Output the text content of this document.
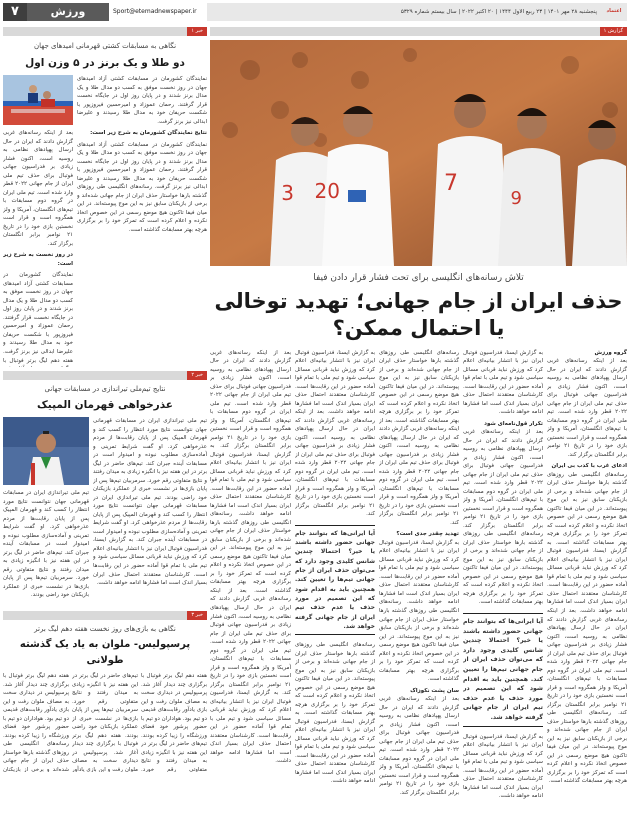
۷	ورزش	Sport@etemadnewspaper.ir	پنجشنبه ۲۸ مهر ۱۴۰۱ | ۲۳ ربیع الاول ۱۴۴۴ | ۲۰ اکتبر ۲۰۲۲ | سال بیستم شماره ۵۳۲۹	اعتماد
خبر ۱
نگاهی به مسابقات کشتی قهرمانی امیدهای جهان
دو طلا و یک برنز در ۵ وزن اول
نمایندگان کشورمان در مسابقات کشتی آزاد امیدهای جهان در روز نخست موفق به کسب دو مدال طلا و یک مدال برنز شدند و در پایان روز اول در جایگاه نخست قرار گرفتند. رحمان عموزاد و امیرحسین فیروزپور با شکست حریفان خود به مدال طلا رسیدند و علیرضا ابدالی نیز برنز گرفت.
نتایج نمایند‌گان کشورمان به شرح زیر است:
نمایندگان کشورمان در مسابقات کشتی آزاد امیدهای جهان در روز نخست موفق به کسب دو مدال طلا و یک مدال برنز شدند و در پایان روز اول در جایگاه نخست قرار گرفتند. رحمان عموزاد و امیرحسین فیروزپور با شکست حریفان خود به مدال طلا رسیدند و علیرضا ابدالی نیز برنز گرفت. رسانه‌های انگلیسی طی روزهای گذشته بارها خواستار حذف ایران از جام جهانی شده‌اند و برخی از بازیکنان سابق نیز به این موج پیوسته‌اند. در این میان فیفا تاکنون هیچ موضع رسمی در این خصوص اتخاذ نکرده و اعلام کرده است که تمرکز خود را بر برگزاری هرچه بهتر مسابقات گذاشته است.
بعد از اینکه رسانه‌های غربی گزارش دادند که ایران در حال ارسال پهپادهای نظامی به روسیه است، اکنون فشار زیادی بر فدراسیون جهانی فوتبال برای حذف تیم ملی ایران از جام جهانی ۲۰۲۲ قطر وارد شده است. تیم ملی ایران در گروه دوم مسابقات با تیم‌های انگلستان، آمریکا و ولز همگروه است و قرار است نخستین بازی خود را در تاریخ ۲۱ نوامبر برابر انگلستان برگزار کند.
در روز نخست به شرح زیر است:
نمایندگان کشورمان در مسابقات کشتی آزاد امیدهای جهان در روز نخست موفق به کسب دو مدال طلا و یک مدال برنز شدند و در پایان روز اول در جایگاه نخست قرار گرفتند. رحمان عموزاد و امیرحسین فیروزپور با شکست حریفان خود به مدال طلا رسیدند و علیرضا ابدالی نیز برنز گرفت. هفته دهم لیگ برتر فوتبال با
خبر ۲
نتایج تیم‌ملی تیراندازی در مسابقات جهانی
عذرخواهی قهرمان المپیک
تیم ملی تیراندازی ایران در مسابقات قهرمانی جهان نتوانست نتایج مورد انتظار را کسب کند و قهرمان المپیک پس از پایان رقابت‌ها از مردم عذرخواهی کرد. او گفت شرایط تمرینی و آماده‌سازی مطلوب نبوده و امیدوار است در مسابقات آینده جبران کند. تیم‌های حاضر در لیگ برتر در این هفته نیز با انگیزه زیادی به میدان رفتند و نتایج متفاوتی رقم خورد. سرمربیان تیم‌ها پس از پایان بازی‌ها در نشست خبری از عملکرد بازیکنان خود راضی بودند. تیم ملی تیراندازی ایران در مسابقات قهرمانی جهان نتوانست نتایج مورد انتظار را کسب کند و قهرمان المپیک پس از پایان رقابت‌ها از مردم عذرخواهی کرد. او گفت شرایط تمرینی و آماده‌سازی مطلوب نبوده و امیدوار است در مسابقات آینده جبران کند. به گزارش ایسنا، فدراسیون فوتبال ایران نیز با انتشار بیانیه‌ای اعلام کرد که ورزش نباید قربانی مسائل سیاسی شود و تیم ملی با تمام قوا آماده حضور در این رقابت‌ها است. کارشناسان معتقدند احتمال حذف ایران بسیار اندک است اما فشارها ادامه خواهد داشت.
تیم ملی تیراندازی ایران در مسابقات قهرمانی جهان نتوانست نتایج مورد انتظار را کسب کند و قهرمان المپیک پس از پایان رقابت‌ها از مردم عذرخواهی کرد. او گفت شرایط تمرینی و آماده‌سازی مطلوب نبوده و امیدوار است در مسابقات آینده جبران کند. تیم‌های حاضر در لیگ برتر در این هفته نیز با انگیزه زیادی به میدان رفتند و نتایج متفاوتی رقم خورد. سرمربیان تیم‌ها پس از پایان بازی‌ها در نشست خبری از عملکرد بازیکنان خود راضی بودند.
خبر ۳
نگاهی به بازی‌های روز نخست هفته دهم لیگ برتر
پرسپولیس- ملوان به یاد یک گذشته طولانی
هفته دهم لیگ برتر فوتبال با برگزاری چند دیدار آغاز شد. پرسپولیس در دیداری سخت به مصاف ملوان رفت و این بازی یادآور رقابت‌های قدیمی دو تیم بود. هواداران دو تیم با حضور پرشور خود فضای ورزشگاه را زیبا کرده بودند. تیم‌های حاضر در لیگ برتر در این هفته نیز با انگیزه زیادی به میدان رفتند و نتایج متفاوتی رقم خورد.
تیم‌های حاضر در لیگ برتر در این هفته نیز با انگیزه زیادی به میدان رفتند و نتایج متفاوتی رقم خورد. سرمربیان تیم‌ها پس از پایان بازی‌ها در نشست خبری از عملکرد بازیکنان خود راضی بودند. هفته دهم لیگ برتر فوتبال با برگزاری چند دیدار آغاز شد. پرسپولیس در دیداری سخت به مصاف ملوان رفت و این بازی یادآور
هفته دهم لیگ برتر فوتبال با برگزاری چند دیدار آغاز شد. پرسپولیس در دیداری سخت به مصاف ملوان رفت و این بازی یادآور رقابت‌های قدیمی دو تیم بود. هواداران دو تیم با حضور پرشور خود فضای ورزشگاه را زیبا کرده بودند. رسانه‌های انگلیسی طی روزهای گذشته بارها خواستار حذف ایران از جام جهانی شده‌اند و برخی از بازیکنان
گزارش ۱
3 20	7
9
تلاش رسانه‌های انگلیسی برای تحت فشار قرار دادن فیفا
حذف ایران از جام جهانی؛ تهدید توخالی یا احتمال ممکن؟
گروه ورزش
بعد از اینکه رسانه‌های غربی گزارش دادند که ایران در حال ارسال پهپادهای نظامی به روسیه است، اکنون فشار زیادی بر فدراسیون جهانی فوتبال برای حذف تیم ملی ایران از جام جهانی ۲۰۲۲ قطر وارد شده است. تیم ملی ایران در گروه دوم مسابقات با تیم‌های انگلستان، آمریکا و ولز همگروه است و قرار است نخستین بازی خود را در تاریخ ۲۱ نوامبر برابر انگلستان برگزار کند.
ادعای غرب با کذب بی ایران
رسانه‌های انگلیسی طی روزهای گذشته بارها خواستار حذف ایران از جام جهانی شده‌اند و برخی از بازیکنان سابق نیز به این موج پیوسته‌اند. در این میان فیفا تاکنون هیچ موضع رسمی در این خصوص اتخاذ نکرده و اعلام کرده است که تمرکز خود را بر برگزاری هرچه بهتر مسابقات گذاشته است. به گزارش ایسنا، فدراسیون فوتبال ایران نیز با انتشار بیانیه‌ای اعلام کرد که ورزش نباید قربانی مسائل سیاسی شود و تیم ملی با تمام قوا آماده حضور در این رقابت‌ها است. کارشناسان معتقدند احتمال حذف ایران بسیار اندک است اما فشارها ادامه خواهد داشت. بعد از اینکه رسانه‌های غربی گزارش دادند که ایران در حال ارسال پهپادهای نظامی به روسیه است، اکنون فشار زیادی بر فدراسیون جهانی فوتبال برای حذف تیم ملی ایران از جام جهانی ۲۰۲۲ قطر وارد شده است. تیم ملی ایران در گروه دوم مسابقات با تیم‌های انگلستان، آمریکا و ولز همگروه است و قرار است نخستین بازی خود را در تاریخ ۲۱ نوامبر برابر انگلستان برگزار کند. رسانه‌های انگلیسی طی روزهای گذشته بارها خواستار حذف ایران از جام جهانی شده‌اند و برخی از بازیکنان سابق نیز به این موج پیوسته‌اند. در این میان فیفا تاکنون هیچ موضع رسمی در این خصوص اتخاذ نکرده و اعلام کرده است که تمرکز خود را بر برگزاری هرچه بهتر مسابقات گذاشته است.
به گزارش ایسنا، فدراسیون فوتبال ایران نیز با انتشار بیانیه‌ای اعلام کرد که ورزش نباید قربانی مسائل سیاسی شود و تیم ملی با تمام قوا آماده حضور در این رقابت‌ها است. کارشناسان معتقدند احتمال حذف ایران بسیار اندک است اما فشارها ادامه خواهد داشت.
تکرار قول‌نامه‌ای شود
بعد از اینکه رسانه‌های غربی گزارش دادند که ایران در حال ارسال پهپادهای نظامی به روسیه است، اکنون فشار زیادی بر فدراسیون جهانی فوتبال برای حذف تیم ملی ایران از جام جهانی ۲۰۲۲ قطر وارد شده است. تیم ملی ایران در گروه دوم مسابقات با تیم‌های انگلستان، آمریکا و ولز همگروه است و قرار است نخستین بازی خود را در تاریخ ۲۱ نوامبر برابر انگلستان برگزار کند. رسانه‌های انگلیسی طی روزهای گذشته بارها خواستار حذف ایران از جام جهانی شده‌اند و برخی از بازیکنان سابق نیز به این موج پیوسته‌اند. در این میان فیفا تاکنون هیچ موضع رسمی در این خصوص اتخاذ نکرده و اعلام کرده است که تمرکز خود را بر برگزاری هرچه بهتر مسابقات گذاشته است.
آیا ایرانی‌ها که بتوانند جام جهانی حضور داشته باشند یا خیر؟ احتمالا چندین شانس کلیدی وجود دارد که می‌توان حذف ایران از جام جهانی تیم‌ها را تعیین کند. همچنین باید به اقدام شود که این تصمیم در مورد حذف یا عدم حذف تیم ایران از جام جهانی گرفته خواهد شد.
به گزارش ایسنا، فدراسیون فوتبال ایران نیز با انتشار بیانیه‌ای اعلام کرد که ورزش نباید قربانی مسائل سیاسی شود و تیم ملی با تمام قوا آماده حضور در این رقابت‌ها است. کارشناسان معتقدند احتمال حذف ایران بسیار اندک است اما فشارها ادامه خواهد داشت.
رسانه‌های انگلیسی طی روزهای گذشته بارها خواستار حذف ایران از جام جهانی شده‌اند و برخی از بازیکنان سابق نیز به این موج پیوسته‌اند. در این میان فیفا تاکنون هیچ موضع رسمی در این خصوص اتخاذ نکرده و اعلام کرده است که تمرکز خود را بر برگزاری هرچه بهتر مسابقات گذاشته است. بعد از اینکه رسانه‌های غربی گزارش دادند که ایران در حال ارسال پهپادهای نظامی به روسیه است، اکنون فشار زیادی بر فدراسیون جهانی فوتبال برای حذف تیم ملی ایران از جام جهانی ۲۰۲۲ قطر وارد شده است. تیم ملی ایران در گروه دوم مسابقات با تیم‌های انگلستان، آمریکا و ولز همگروه است و قرار است نخستین بازی خود را در تاریخ ۲۱ نوامبر برابر انگلستان برگزار کند.
تهدید چقدر جدی است؟
به گزارش ایسنا، فدراسیون فوتبال ایران نیز با انتشار بیانیه‌ای اعلام کرد که ورزش نباید قربانی مسائل سیاسی شود و تیم ملی با تمام قوا آماده حضور در این رقابت‌ها است. کارشناسان معتقدند احتمال حذف ایران بسیار اندک است اما فشارها ادامه خواهد داشت. رسانه‌های انگلیسی طی روزهای گذشته بارها خواستار حذف ایران از جام جهانی شده‌اند و برخی از بازیکنان سابق نیز به این موج پیوسته‌اند. در این میان فیفا تاکنون هیچ موضع رسمی در این خصوص اتخاذ نکرده و اعلام کرده است که تمرکز خود را بر برگزاری هرچه بهتر مسابقات گذاشته است.
سان پشت نکوزاک
بعد از اینکه رسانه‌های غربی گزارش دادند که ایران در حال ارسال پهپادهای نظامی به روسیه است، اکنون فشار زیادی بر فدراسیون جهانی فوتبال برای حذف تیم ملی ایران از جام جهانی ۲۰۲۲ قطر وارد شده است. تیم ملی ایران در گروه دوم مسابقات با تیم‌های انگلستان، آمریکا و ولز همگروه است و قرار است نخستین بازی خود را در تاریخ ۲۱ نوامبر برابر انگلستان برگزار کند.
به گزارش ایسنا، فدراسیون فوتبال ایران نیز با انتشار بیانیه‌ای اعلام کرد که ورزش نباید قربانی مسائل سیاسی شود و تیم ملی با تمام قوا آماده حضور در این رقابت‌ها است. کارشناسان معتقدند احتمال حذف ایران بسیار اندک است اما فشارها ادامه خواهد داشت. بعد از اینکه رسانه‌های غربی گزارش دادند که ایران در حال ارسال پهپادهای نظامی به روسیه است، اکنون فشار زیادی بر فدراسیون جهانی فوتبال برای حذف تیم ملی ایران از جام جهانی ۲۰۲۲ قطر وارد شده است. تیم ملی ایران در گروه دوم مسابقات با تیم‌های انگلستان، آمریکا و ولز همگروه است و قرار است نخستین بازی خود را در تاریخ ۲۱ نوامبر برابر انگلستان برگزار کند.
آیا ایرانی‌ها که بتوانند جام جهانی حضور داشته باشند یا خیر؟ احتمالا چندین شانس کلیدی وجود دارد که می‌توان حذف ایران از جام جهانی تیم‌ها را تعیین کند. همچنین باید به اقدام شود که این تصمیم در مورد حذف یا عدم حذف تیم ایران از جام جهانی گرفته خواهد شد.
رسانه‌های انگلیسی طی روزهای گذشته بارها خواستار حذف ایران از جام جهانی شده‌اند و برخی از بازیکنان سابق نیز به این موج پیوسته‌اند. در این میان فیفا تاکنون هیچ موضع رسمی در این خصوص اتخاذ نکرده و اعلام کرده است که تمرکز خود را بر برگزاری هرچه بهتر مسابقات گذاشته است. به گزارش ایسنا، فدراسیون فوتبال ایران نیز با انتشار بیانیه‌ای اعلام کرد که ورزش نباید قربانی مسائل سیاسی شود و تیم ملی با تمام قوا آماده حضور در این رقابت‌ها است. کارشناسان معتقدند احتمال حذف ایران بسیار اندک است اما فشارها ادامه خواهد داشت.
بعد از اینکه رسانه‌های غربی گزارش دادند که ایران در حال ارسال پهپادهای نظامی به روسیه است، اکنون فشار زیادی بر فدراسیون جهانی فوتبال برای حذف تیم ملی ایران از جام جهانی ۲۰۲۲ قطر وارد شده است. تیم ملی ایران در گروه دوم مسابقات با تیم‌های انگلستان، آمریکا و ولز همگروه است و قرار است نخستین بازی خود را در تاریخ ۲۱ نوامبر برابر انگلستان برگزار کند. به گزارش ایسنا، فدراسیون فوتبال ایران نیز با انتشار بیانیه‌ای اعلام کرد که ورزش نباید قربانی مسائل سیاسی شود و تیم ملی با تمام قوا آماده حضور در این رقابت‌ها است. کارشناسان معتقدند احتمال حذف ایران بسیار اندک است اما فشارها ادامه خواهد داشت. رسانه‌های انگلیسی طی روزهای گذشته بارها خواستار حذف ایران از جام جهانی شده‌اند و برخی از بازیکنان سابق نیز به این موج پیوسته‌اند. در این میان فیفا تاکنون هیچ موضع رسمی در این خصوص اتخاذ نکرده و اعلام کرده است که تمرکز خود را بر برگزاری هرچه بهتر مسابقات گذاشته است. بعد از اینکه رسانه‌های غربی گزارش دادند که ایران در حال ارسال پهپادهای نظامی به روسیه است، اکنون فشار زیادی بر فدراسیون جهانی فوتبال برای حذف تیم ملی ایران از جام جهانی ۲۰۲۲ قطر وارد شده است. تیم ملی ایران در گروه دوم مسابقات با تیم‌های انگلستان، آمریکا و ولز همگروه است و قرار است نخستین بازی خود را در تاریخ ۲۱ نوامبر برابر انگلستان برگزار کند. به گزارش ایسنا، فدراسیون فوتبال ایران نیز با انتشار بیانیه‌ای اعلام کرد که ورزش نباید قربانی مسائل سیاسی شود و تیم ملی با تمام قوا آماده حضور در این رقابت‌ها است. کارشناسان معتقدند احتمال حذف ایران بسیار اندک است اما فشارها ادامه خواهد داشت.
